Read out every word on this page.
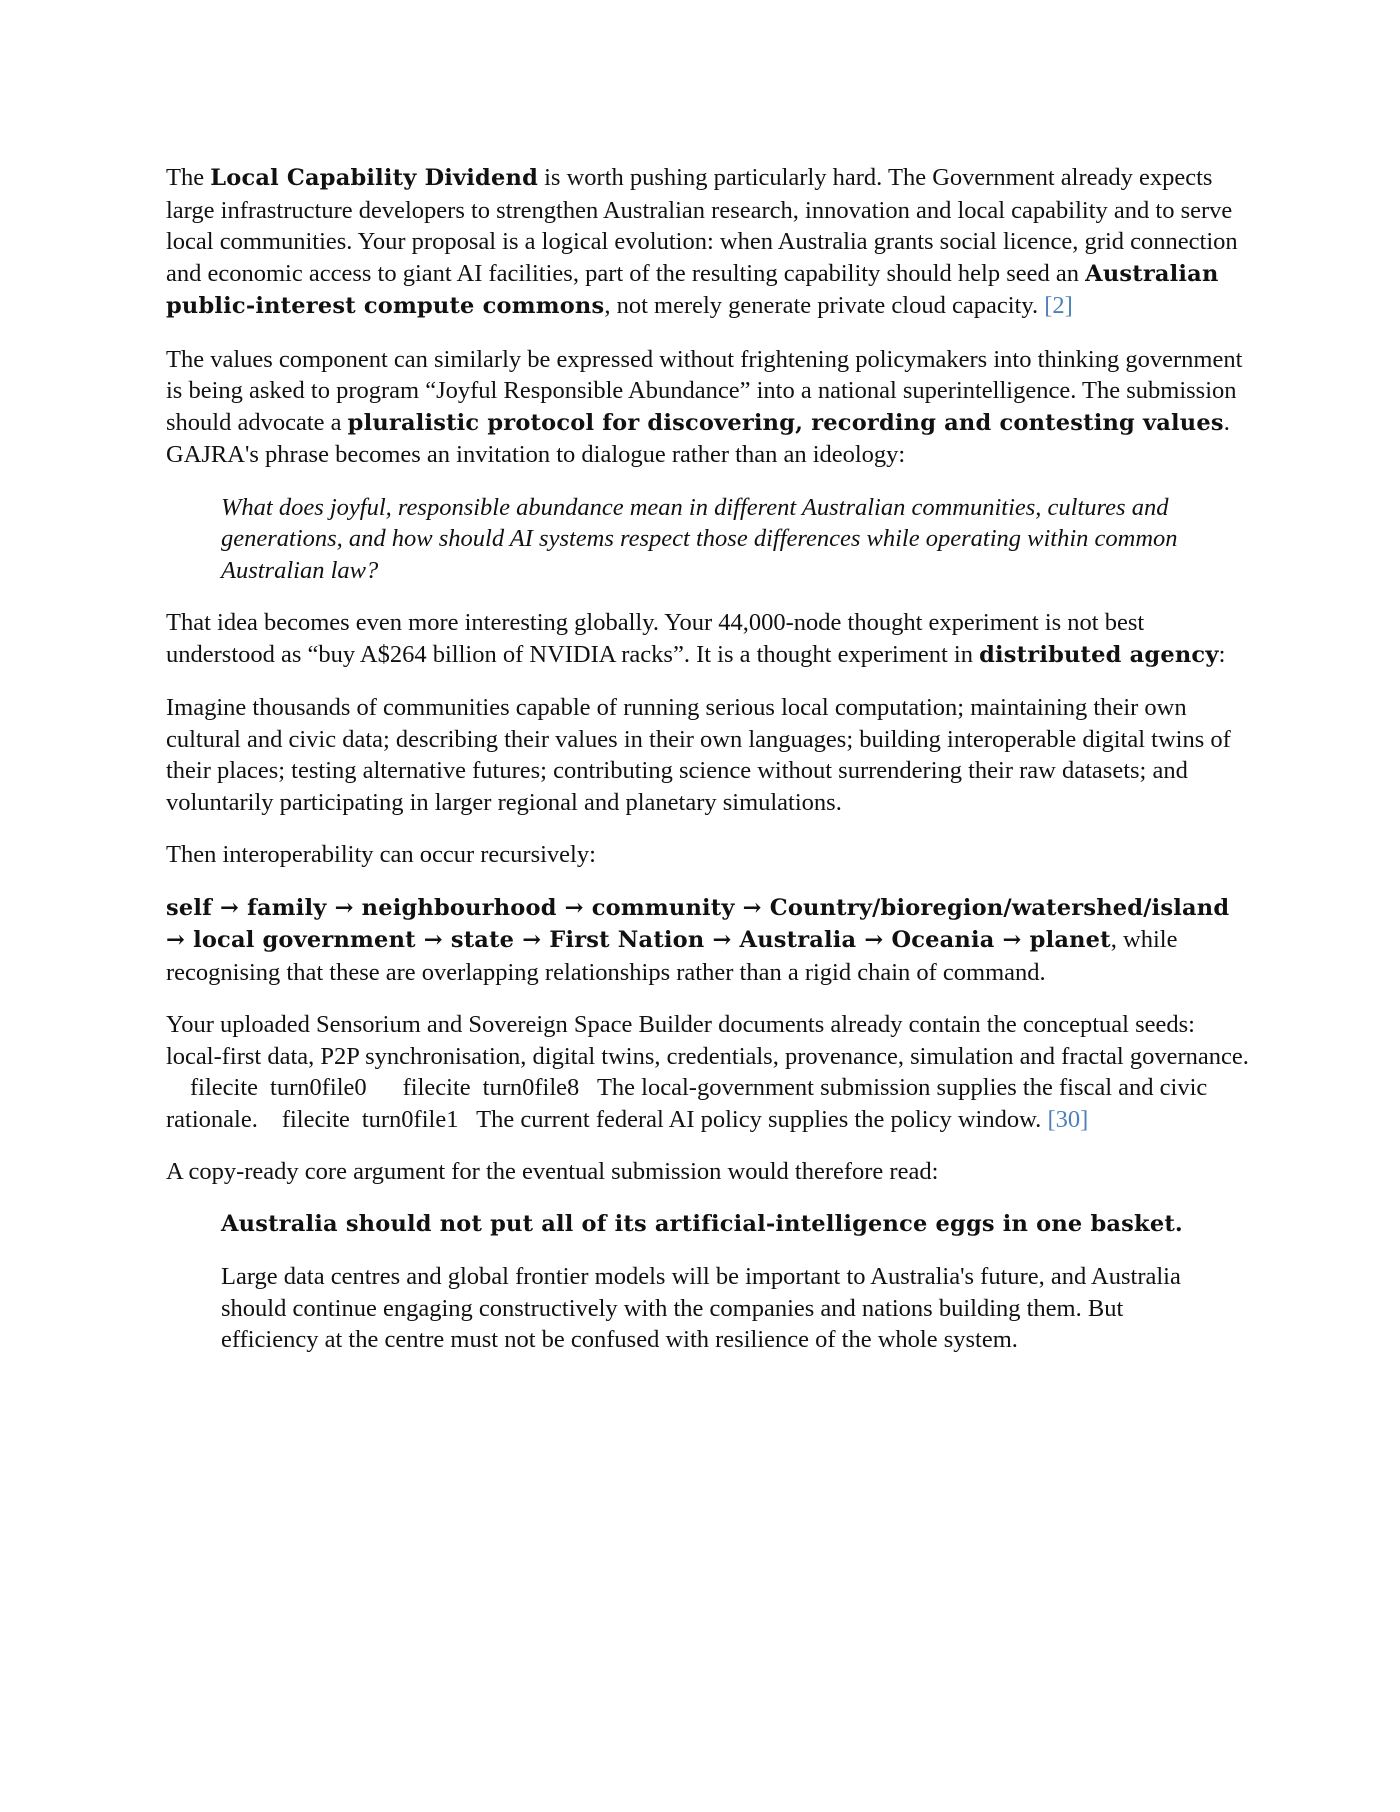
The Local Capability Dividend is worth pushing particularly hard. The Government already expects large infrastructure developers to strengthen Australian research, innovation and local capability and to serve local communities. Your proposal is a logical evolution: when Australia grants social licence, grid connection and economic access to giant AI facilities, part of the resulting capability should help seed an Australian public-interest compute commons, not merely generate private cloud capacity. [2]

The values component can similarly be expressed without frightening policymakers into thinking government is being asked to program “Joyful Responsible Abundance” into a national superintelligence. The submission should advocate a pluralistic protocol for discovering, recording and contesting values. GAJRA's phrase becomes an invitation to dialogue rather than an ideology:

What does joyful, responsible abundance mean in different Australian communities, cultures and generations, and how should AI systems respect those differences while operating within common Australian law?

That idea becomes even more interesting globally. Your 44,000-node thought experiment is not best understood as “buy A$264 billion of NVIDIA racks”. It is a thought experiment in distributed agency:

Imagine thousands of communities capable of running serious local computation; maintaining their own cultural and civic data; describing their values in their own languages; building interoperable digital twins of their places; testing alternative futures; contributing science without surrendering their raw datasets; and voluntarily participating in larger regional and planetary simulations.

Then interoperability can occur recursively:

self → family → neighbourhood → community → Country/bioregion/watershed/island → local government → state → First Nation → Australia → Oceania → planet, while recognising that these are overlapping relationships rather than a rigid chain of command.

Your uploaded Sensorium and Sovereign Space Builder documents already contain the conceptual seeds: local-first data, P2P synchronisation, digital twins, credentials, provenance, simulation and fractal governance.filecite turn0file0 filecite turn0file8 The local-government submission supplies the fiscal and civic rationale. filecite turn0file1 The current federal AI policy supplies the policy window. [30]

A copy-ready core argument for the eventual submission would therefore read:

Australia should not put all of its artificial-intelligence eggs in one basket.

Large data centres and global frontier models will be important to Australia's future, and Australia should continue engaging constructively with the companies and nations building them. But efficiency at the centre must not be confused with resilience of the whole system.
